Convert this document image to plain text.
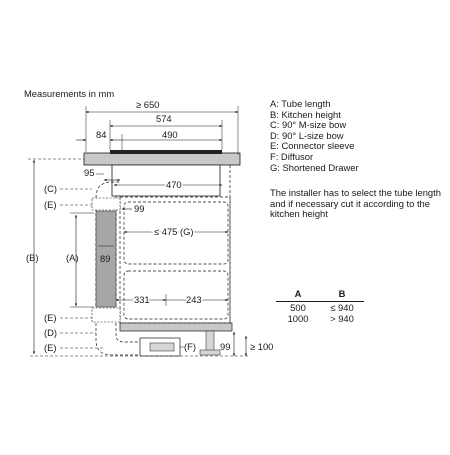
Measurements in mm
≥ 650
574
84	490
95
470
99
≤ 475 (G)
89
331	243
99 ≥ 100
(C)
(E)
(A)
(B)
(E)
(D)
(E)	(F)
A: Tube length
B: Kitchen height
C: 90° M-size bow
D: 90° L-size bow
E: Connector sleeve
F: Diffusor
G: Shortened Drawer
The installer has to select the tube length and if necessary cut it according to the kitchen height
A	B
500	≤ 940
1000	> 940
